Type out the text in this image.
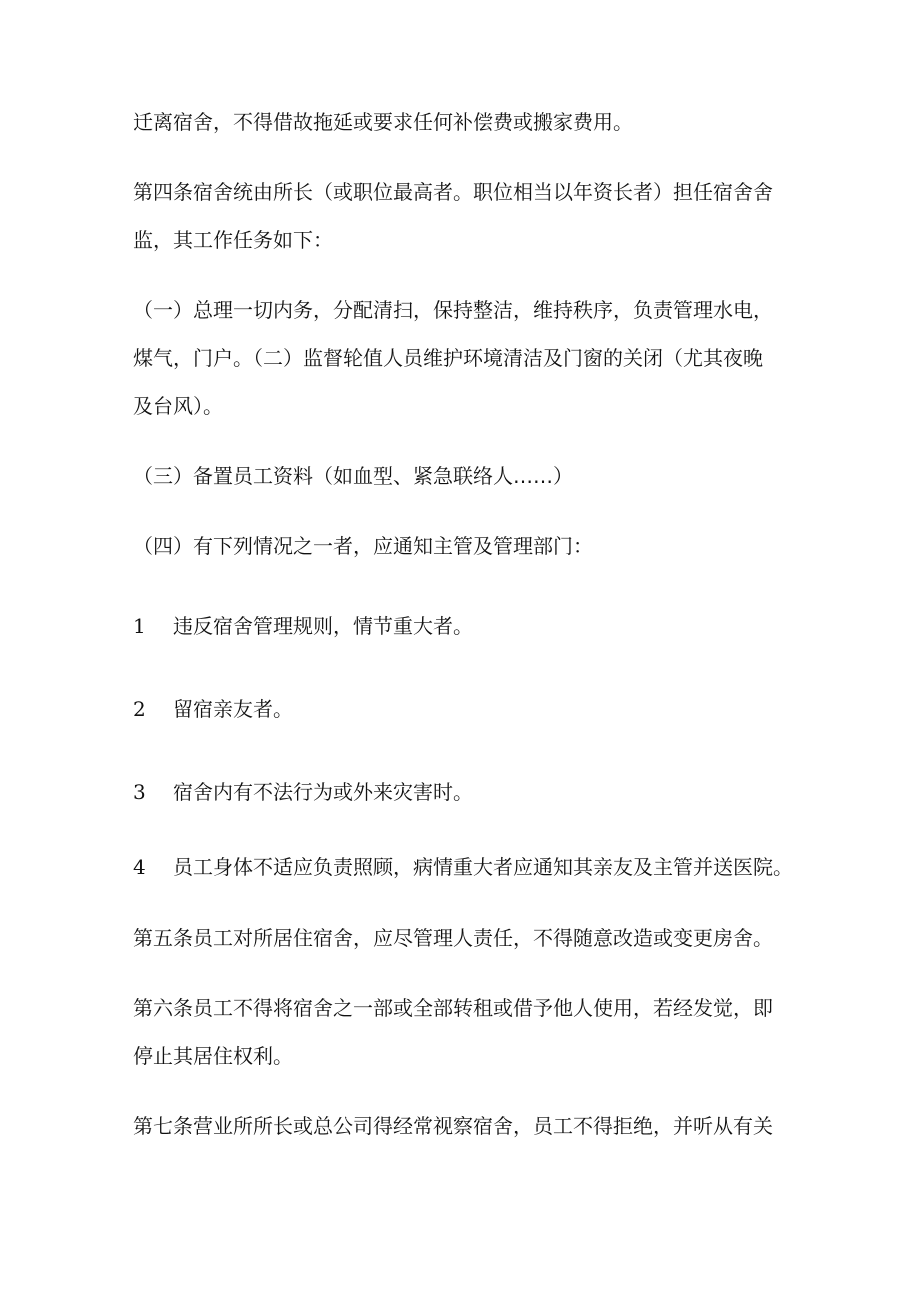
迁离宿舍，不得借故拖延或要求任何补偿费或搬家费用。
第四条宿舍统由所长（或职位最高者。职位相当以年资长者）担任宿舍舍
监，其工作任务如下：
（一）总理一切内务，分配清扫，保持整洁，维持秩序，负责管理水电，
煤气，门户。（二）监督轮值人员维护环境清洁及门窗的关闭（尤其夜晚
及台风）。
（三）备置员工资料（如血型、紧急联络人……）
（四）有下列情况之一者，应通知主管及管理部门：
1 违反宿舍管理规则，情节重大者。
2 留宿亲友者。
3 宿舍内有不法行为或外来灾害时。
4 员工身体不适应负责照顾，病情重大者应通知其亲友及主管并送医院。
第五条员工对所居住宿舍，应尽管理人责任，不得随意改造或变更房舍。
第六条员工不得将宿舍之一部或全部转租或借予他人使用，若经发觉，即
停止其居住权利。
第七条营业所所长或总公司得经常视察宿舍，员工不得拒绝，并听从有关
